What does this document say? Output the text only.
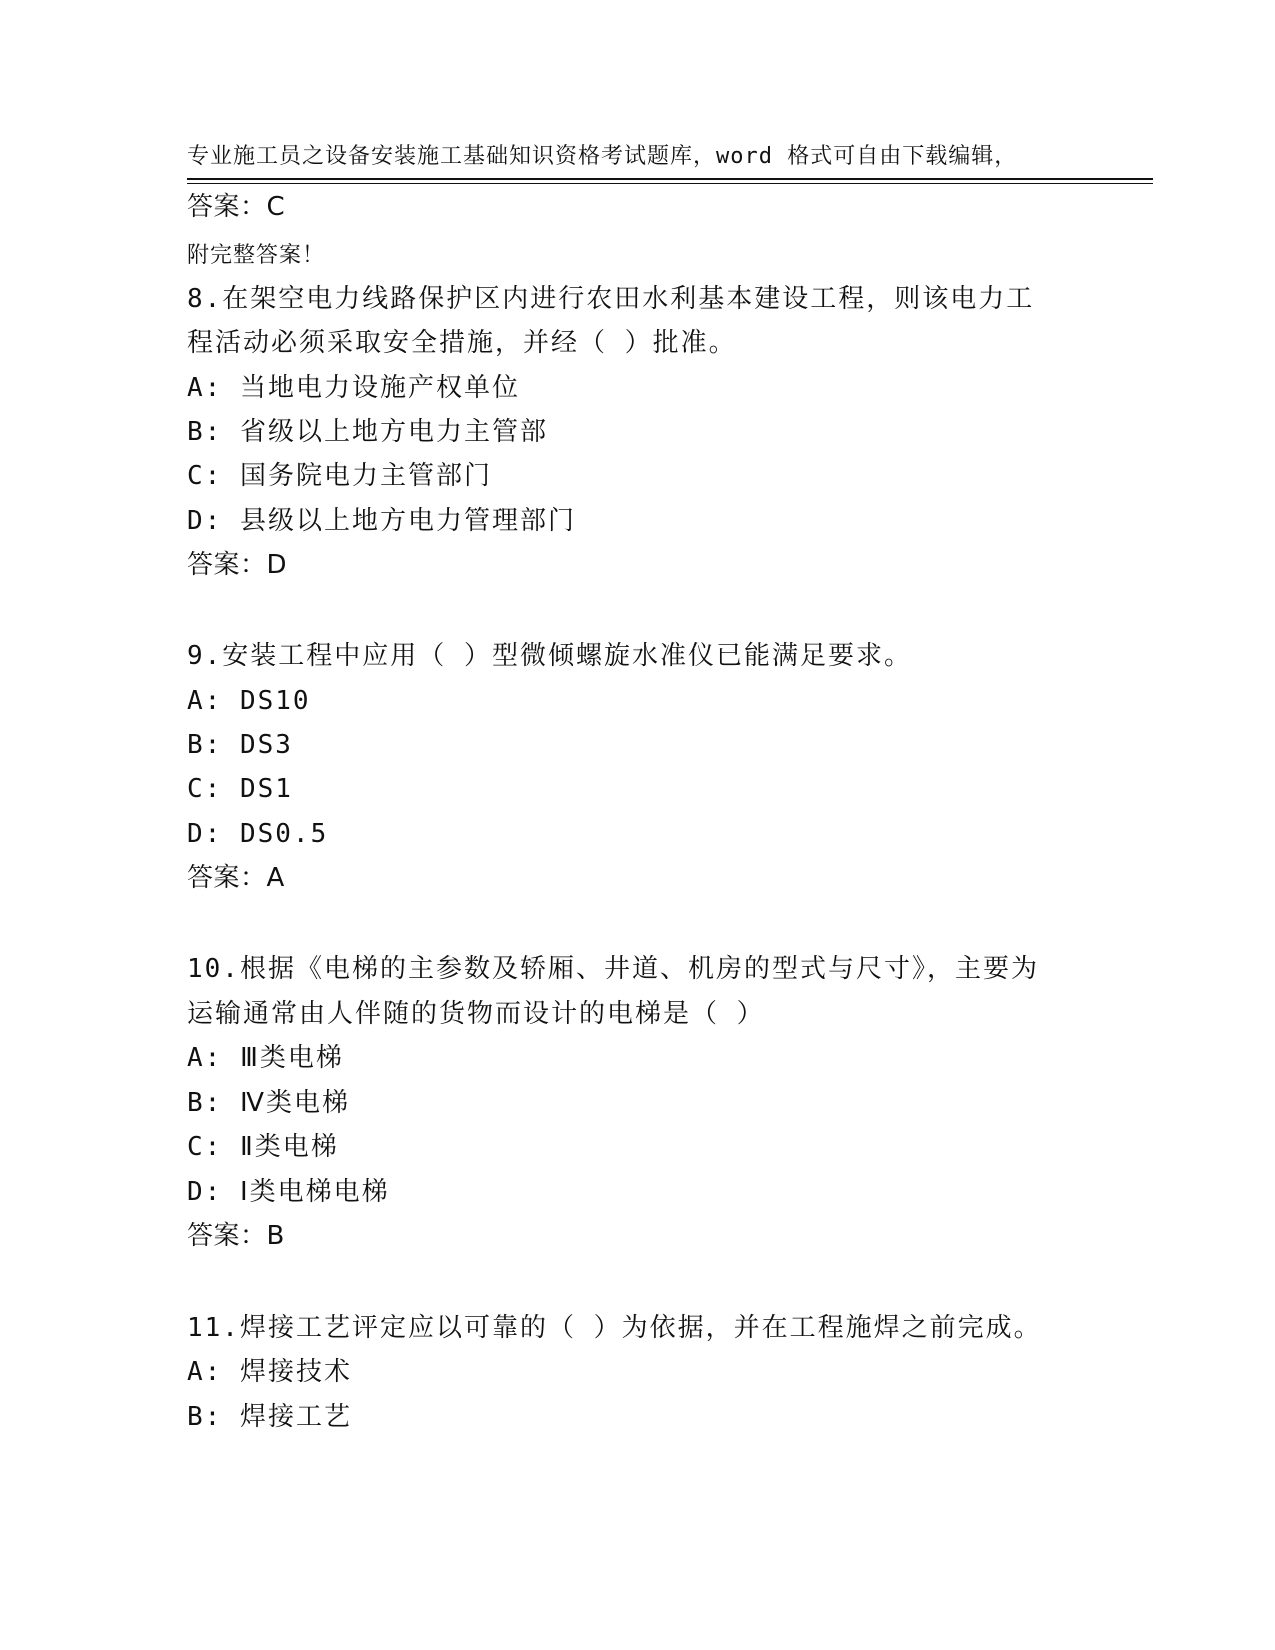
专业施工员之设备安装施工基础知识资格考试题库，word 格式可自由下载编辑，

附完整答案！

答案：C
8.在架空电力线路保护区内进行农田水利基本建设工程，则该电力工
程活动必须采取安全措施，并经（ ）批准。
A: 当地电力设施产权单位
B: 省级以上地方电力主管部
C: 国务院电力主管部门
D: 县级以上地方电力管理部门
答案：D
9.安装工程中应用（ ）型微倾螺旋水准仪已能满足要求。
A: DS10
B: DS3
C: DS1
D: DS0.5
答案：A
10.根据《电梯的主参数及轿厢、井道、机房的型式与尺寸》，主要为
运输通常由人伴随的货物而设计的电梯是（ ）
A: Ⅲ类电梯
B: Ⅳ类电梯
C: Ⅱ类电梯
D: Ⅰ类电梯电梯
答案：B
11.焊接工艺评定应以可靠的（ ）为依据，并在工程施焊之前完成。
A: 焊接技术
B: 焊接工艺
